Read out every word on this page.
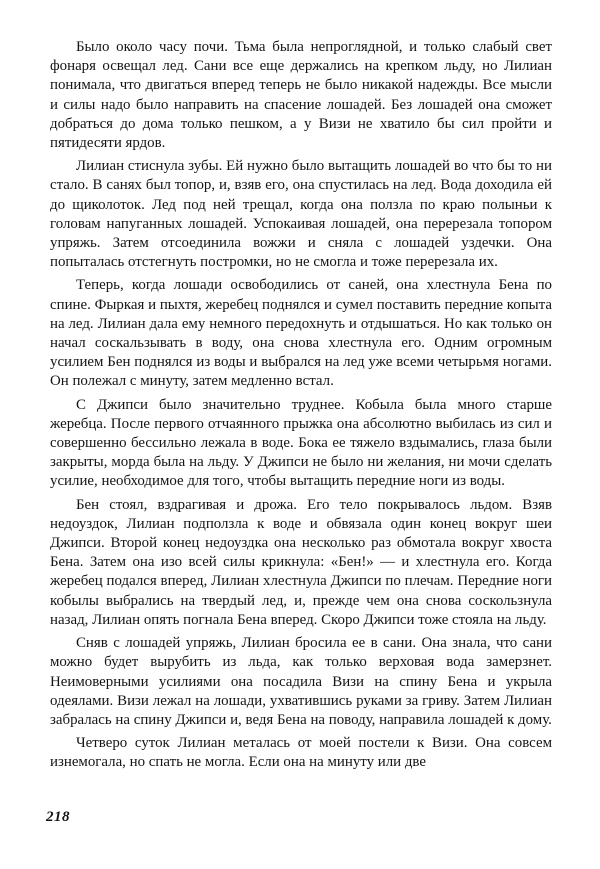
Было около часу почи. Тьма была непроглядной, и только слабый свет фонаря освещал лед. Сани все еще держались на крепком льду, но Лилиан понимала, что двигаться вперед теперь не было никакой надежды. Все мысли и силы надо было направить на спасение лошадей. Без лошадей она сможет добраться до дома только пешком, а у Визи не хватило бы сил пройти и пятидесяти ярдов.

Лилиан стиснула зубы. Ей нужно было вытащить лошадей во что бы то ни стало. В санях был топор, и, взяв его, она спустилась на лед. Вода доходила ей до щиколоток. Лед под ней трещал, когда она ползла по краю полыньи к головам напуганных лошадей. Успокаивая лошадей, она перерезала топором упряжь. Затем отсоединила вожжи и сняла с лошадей уздечки. Она попыталась отстегнуть постромки, но не смогла и тоже перерезала их.

Теперь, когда лошади освободились от саней, она хлестнула Бена по спине. Фыркая и пыхтя, жеребец поднялся и сумел поставить передние копыта на лед. Лилиан дала ему немного передохнуть и отдышаться. Но как только он начал соскальзывать в воду, она снова хлестнула его. Одним огромным усилием Бен поднялся из воды и выбрался на лед уже всеми четырьмя ногами. Он полежал с минуту, затем медленно встал.

С Джипси было значительно труднее. Кобыла была много старше жеребца. После первого отчаянного прыжка она абсолютно выбилась из сил и совершенно бессильно лежала в воде. Бока ее тяжело вздымались, глаза были закрыты, морда была на льду. У Джипси не было ни желания, ни мочи сделать усилие, необходимое для того, чтобы вытащить передние ноги из воды.

Бен стоял, вздрагивая и дрожа. Его тело покрывалось льдом. Взяв недоуздок, Лилиан подползла к воде и обвязала один конец вокруг шеи Джипси. Второй конец недоуздка она несколько раз обмотала вокруг хвоста Бена. Затем она изо всей силы крикнула: «Бен!» — и хлестнула его. Когда жеребец подался вперед, Лилиан хлестнула Джипси по плечам. Передние ноги кобылы выбрались на твердый лед, и, прежде чем она снова соскользнула назад, Лилиан опять погнала Бена вперед. Скоро Джипси тоже стояла на льду.

Сняв с лошадей упряжь, Лилиан бросила ее в сани. Она знала, что сани можно будет вырубить из льда, как только верховая вода замерзнет. Неимоверными усилиями она посадила Визи на спину Бена и укрыла одеялами. Визи лежал на лошади, ухватившись руками за гриву. Затем Лилиан забралась на спину Джипси и, ведя Бена на поводу, направила лошадей к дому.

Четверо суток Лилиан металась от моей постели к Визи. Она совсем изнемогала, но спать не могла. Если она на минуту или две

218
